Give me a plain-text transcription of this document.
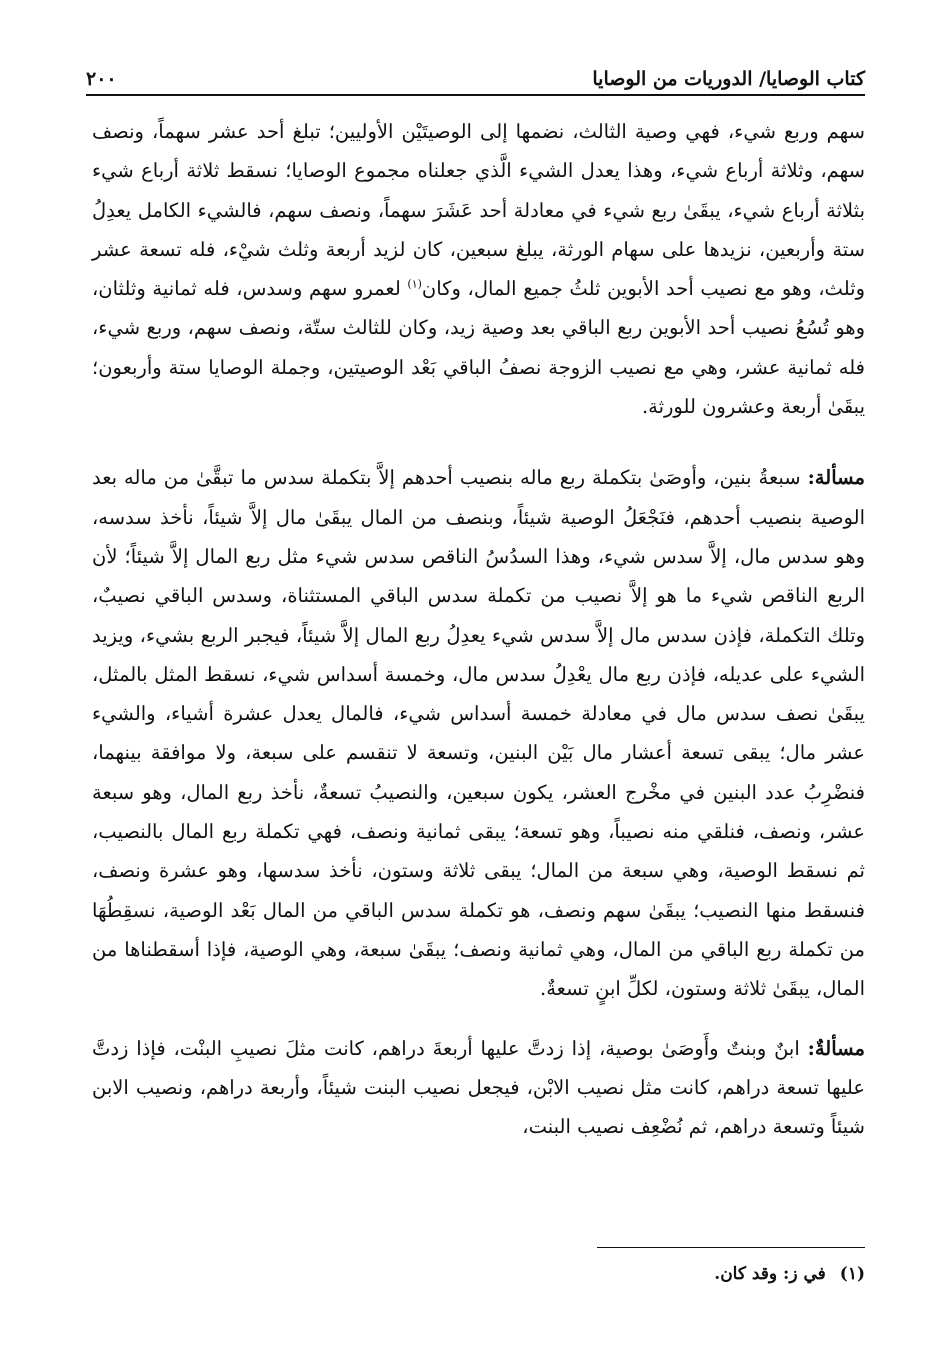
كتاب الوصايا/ الدوريات من الوصايا
٢٠٠

سهم وربع شيء، فهي وصية الثالث، نضمها إلى الوصيتَيْن الأوليين؛ تبلغ أحد عشر سهماً، ونصف سهم، وثلاثة أرباع شيء، وهذا يعدل الشيء الَّذي جعلناه مجموع الوصايا؛ نسقط ثلاثة أرباع شيء بثلاثة أرباع شيء، يبقَىٰ ربع شيء في معادلة أحد عَشَرَ سهماً، ونصف سهم، فالشيء الكامل يعدِلُ ستة وأربعين، نزيدها على سهام الورثة، يبلغ سبعين، كان لزيد أربعة وثلث شيْء، فله تسعة عشر وثلث، وهو مع نصيب أحد الأبوين ثلثُ جميع المال، وكان$^{(١)}$ لعمرو سهم وسدس، فله ثمانية وثلثان، وهو تُسُعُ نصيب أحد الأبوين ربع الباقي بعد وصية زيد، وكان للثالث ستّة، ونصف سهم، وربع شيء، فله ثمانية عشر، وهي مع نصيب الزوجة نصفُ الباقي بَعْد الوصيتين، وجملة الوصايا ستة وأربعون؛ يبقَىٰ أربعة وعشرون للورثة.

مسألة: سبعةُ بنين، وأوصَىٰ بتكملة ربع ماله بنصيب أحدهم إلاَّ بتكملة سدس ما تبقَّىٰ من ماله بعد الوصية بنصيب أحدهم، فنَجْعَلُ الوصية شيئاً، وبنصف من المال يبقَىٰ مال إلاَّ شيئاً، نأخذ سدسه، وهو سدس مال، إلاَّ سدس شيء، وهذا السدُسُ الناقص سدس شيء مثل ربع المال إلاَّ شيئاً؛ لأن الربع الناقص شيء ما هو إلاَّ نصيب من تكملة سدس الباقي المستثناة، وسدس الباقي نصيبٌ، وتلك التكملة، فإذن سدس مال إلاَّ سدس شيء يعدِلُ ربع المال إلاَّ شيئاً، فيجبر الربع بشيء، ويزيد الشيء على عديله، فإذن ربع مال يعْدِلُ سدس مال، وخمسة أسداس شيء، نسقط المثل بالمثل، يبقَىٰ نصف سدس مال في معادلة خمسة أسداس شيء، فالمال يعدل عشرة أشياء، والشيء عشر مال؛ يبقى تسعة أعشار مال بَيْن البنين، وتسعة لا تنقسم على سبعة، ولا موافقة بينهما، فنضْرِبُ عدد البنين في مخْرج العشر، يكون سبعين، والنصيبُ تسعةٌ، نأخذ ربع المال، وهو سبعة عشر، ونصف، فنلقي منه نصيباً، وهو تسعة؛ يبقى ثمانية ونصف، فهي تكملة ربع المال بالنصيب، ثم نسقط الوصية، وهي سبعة من المال؛ يبقى ثلاثة وستون، نأخذ سدسها، وهو عشرة ونصف، فنسقط منها النصيب؛ يبقَىٰ سهم ونصف، هو تكملة سدس الباقي من المال بَعْد الوصية، نسقِطُهَا من تكملة ربع الباقي من المال، وهي ثمانية ونصف؛ يبقَىٰ سبعة، وهي الوصية، فإذا أسقطناها من المال، يبقَىٰ ثلاثة وستون، لكلِّ ابنٍ تسعةٌ.

مسألةٌ: ابنٌ وبنتٌ وأَوصَىٰ بوصية، إذا زدتَّ عليها أربعةَ دراهم، كانت مثلَ نصيبِ البنْت، فإذا زدتَّ عليها تسعة دراهم، كانت مثل نصيب الابْن، فيجعل نصيب البنت شيئاً، وأربعة دراهم، ونصيب الابن شيئاً وتسعة دراهم، ثم نُضْعِف نصيب البنت،

(١)
في ز: وقد كان.
